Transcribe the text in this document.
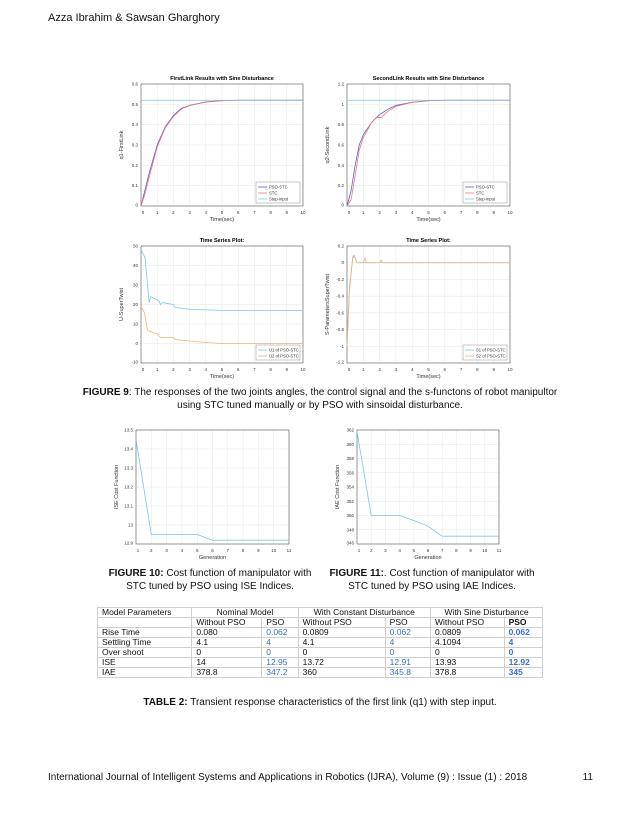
Azza Ibrahim & Sawsan Gharghory
0	1	2	3	4	5	6	7	8	9	10
0
0.1
0.2
0.3
0.4
0.5
0.6
FirstLink Results with Sine Disturbance
Time(sec)
q1-FirstLink
PSO-STC
STC
Step-input
0	1	2	3	4	5	6	7	8	9	10
0
0.2
0.4
0.6
0.8
1
1.2
SecondLink Results with Sine Disturbance
Time(sec)
q2-SecondLink
PSO-STC
STC
Step-input
0	1	2	3	4	5	6	7	8	9	10
-10
0
10
20
30
40
50
Time Series Plot:
Time(sec)
U-SuperTwist
U1 of PSO-STC
U2 of PSO-STC
0	1	2	3	4	5	6	7	8	9	10
-1.2
-1
-0.8
-0.6
-0.4
-0.2
0
0.2
Time Series Plot:
Time(sec)
S-ParametersSuperTwist
S1 of PSO-STC
S2 of PSO-STC
1 2	3	4	5	6	7	8	9	10 11
12.9
13
13.1
13.2
13.3
13.4
13.5
Generation
ISE Cost Function
1 2	3	4	5	6	7	8	9 10 11
346
348
350
352
354
356
358
360
362
Generation
IAE Cost Function
FIGURE 9: The responses of the two joints angles, the control signal and the s-functons of robot manipultor using STC tuned manually or by PSO with sinsoidal disturbance.
FIGURE 10: Cost function of manipulator with STC tuned by PSO using ISE Indices.
FIGURE 11:. Cost function of manipulator with STC tuned by PSO using IAE Indices.
Model Parameters	Nominal Model		With Constant Disturbance		With Sine Disturbance	
	Without PSO	PSO	Without PSO	PSO	Without PSO	PSO
Rise Time	0.080	0.062	0.0809	0.062	0.0809	0.062
Settling Time	4.1	4	4.1	4	4.1094	4
Over shoot	0	0	0	0	0	0
ISE	14	12.95	13.72	12.91	13.93	12.92
IAE	378.8	347.2	360	345.8	378.8	345
TABLE 2: Transient response characteristics of the first link (q1) with step input.
International Journal of Intelligent Systems and Applications in Robotics (IJRA), Volume (9) : Issue (1) : 2018	11
